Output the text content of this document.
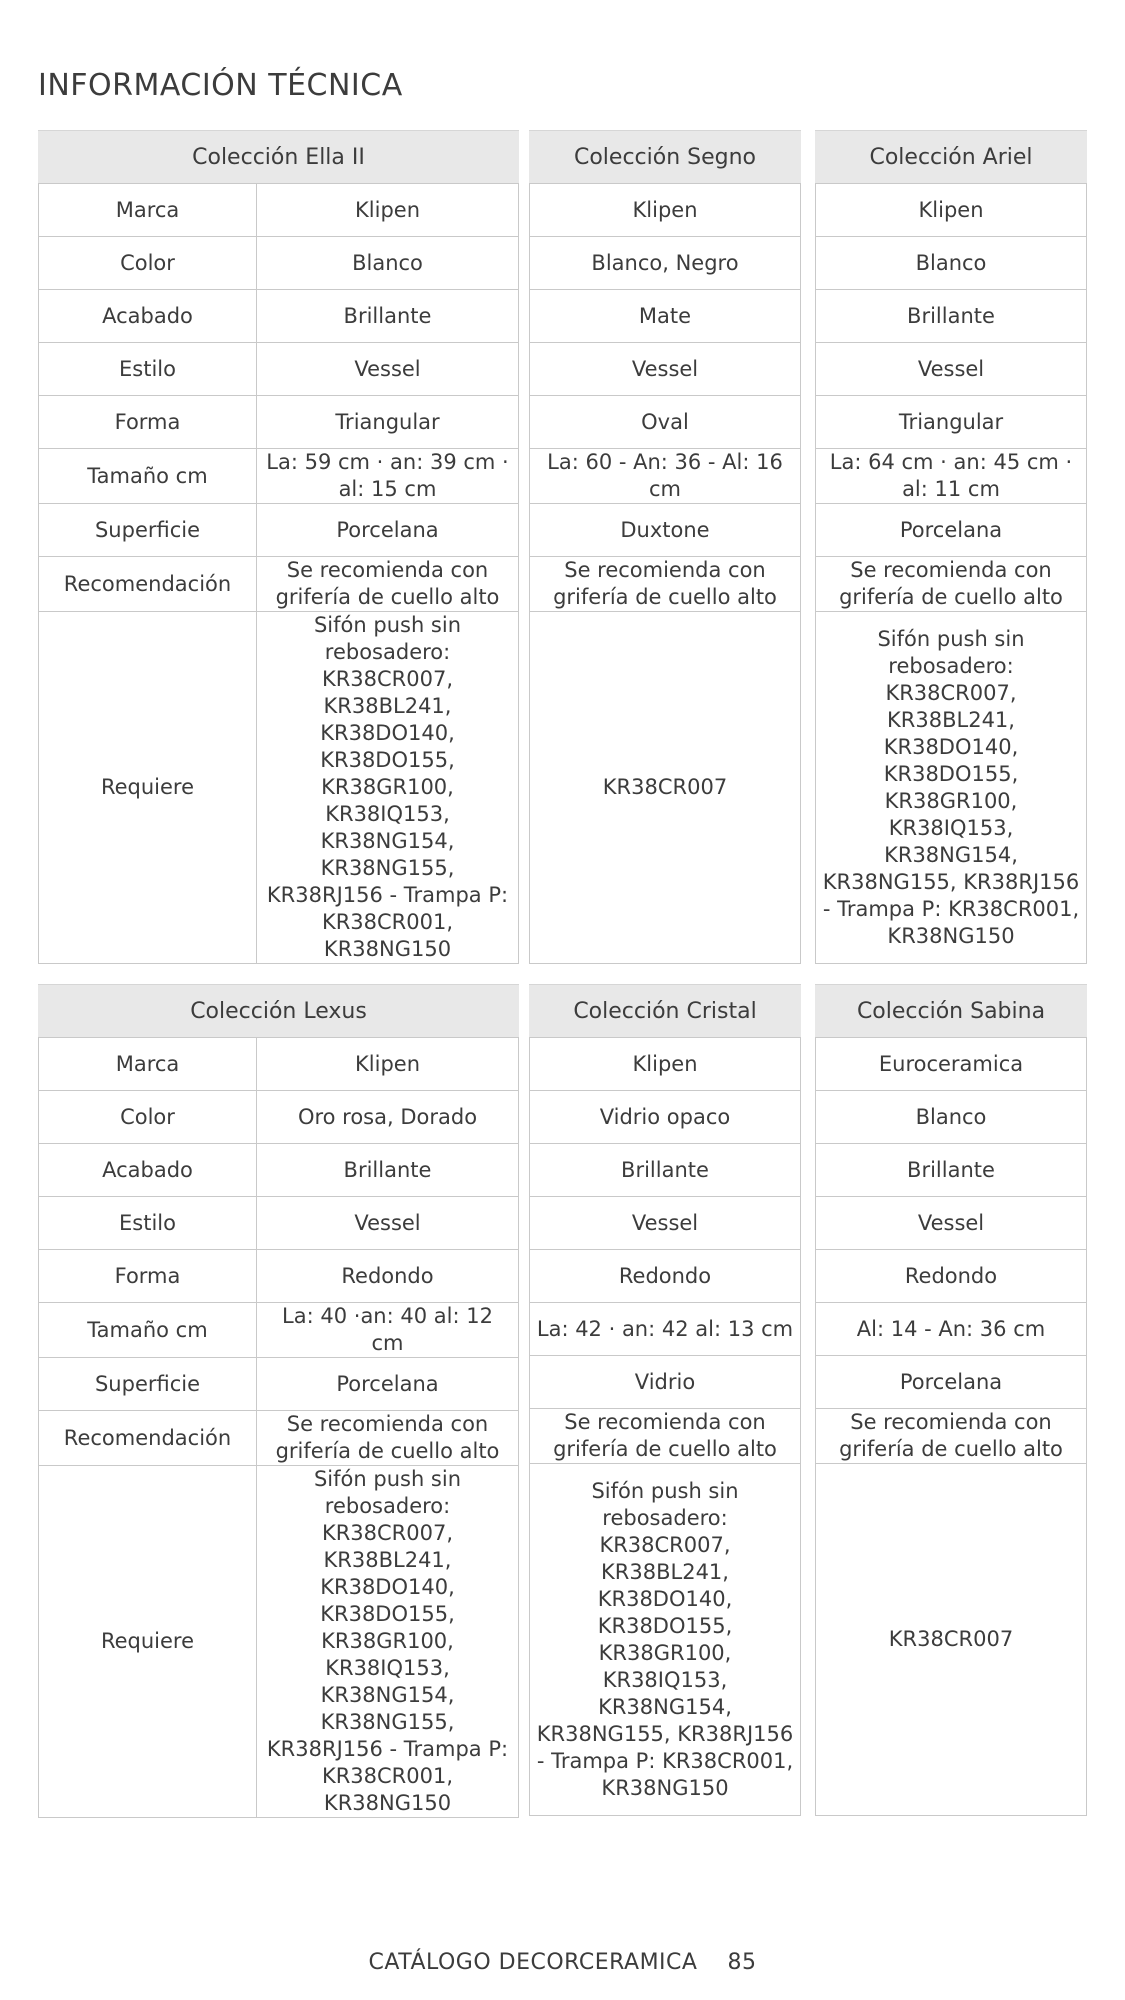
INFORMACIÓN TÉCNICA
Colección Ella II
Marca	Klipen
Color	Blanco
Acabado	Brillante
Estilo	Vessel
Forma	Triangular
Tamaño cm	La: 59 cm · an: 39 cm · al: 15 cm
Superficie	Porcelana
Recomendación	Se recomienda con grifería de cuello alto
Requiere	Sifón push sin rebosadero: KR38CR007, KR38BL241, KR38DO140, KR38DO155, KR38GR100, KR38IQ153, KR38NG154, KR38NG155, KR38RJ156 - Trampa P: KR38CR001, KR38NG150
Colección Segno
Klipen
Blanco, Negro
Mate
Vessel
Oval
La: 60 - An: 36 - Al: 16 cm
Duxtone
Se recomienda con grifería de cuello alto
KR38CR007
Colección Ariel
Klipen
Blanco
Brillante
Vessel
Triangular
La: 64 cm · an: 45 cm · al: 11 cm
Porcelana
Se recomienda con grifería de cuello alto
Sifón push sin rebosadero: KR38CR007, KR38BL241, KR38DO140, KR38DO155, KR38GR100, KR38IQ153, KR38NG154, KR38NG155, KR38RJ156 - Trampa P: KR38CR001, KR38NG150
Colección Lexus
Marca	Klipen
Color	Oro rosa, Dorado
Acabado	Brillante
Estilo	Vessel
Forma	Redondo
Tamaño cm	La: 40 ·an: 40 al: 12 cm
Superficie	Porcelana
Recomendación	Se recomienda con grifería de cuello alto
Requiere	Sifón push sin rebosadero: KR38CR007, KR38BL241, KR38DO140, KR38DO155, KR38GR100, KR38IQ153, KR38NG154, KR38NG155, KR38RJ156 - Trampa P: KR38CR001, KR38NG150
Colección Cristal
Klipen
Vidrio opaco
Brillante
Vessel
Redondo
La: 42 · an: 42 al: 13 cm
Vidrio
Se recomienda con grifería de cuello alto
Sifón push sin rebosadero: KR38CR007, KR38BL241, KR38DO140, KR38DO155, KR38GR100, KR38IQ153, KR38NG154, KR38NG155, KR38RJ156 - Trampa P: KR38CR001, KR38NG150
Colección Sabina
Euroceramica
Blanco
Brillante
Vessel
Redondo
Al: 14 - An: 36 cm
Porcelana
Se recomienda con grifería de cuello alto
KR38CR007
CATÁLOGO DECORCERAMICA 85
